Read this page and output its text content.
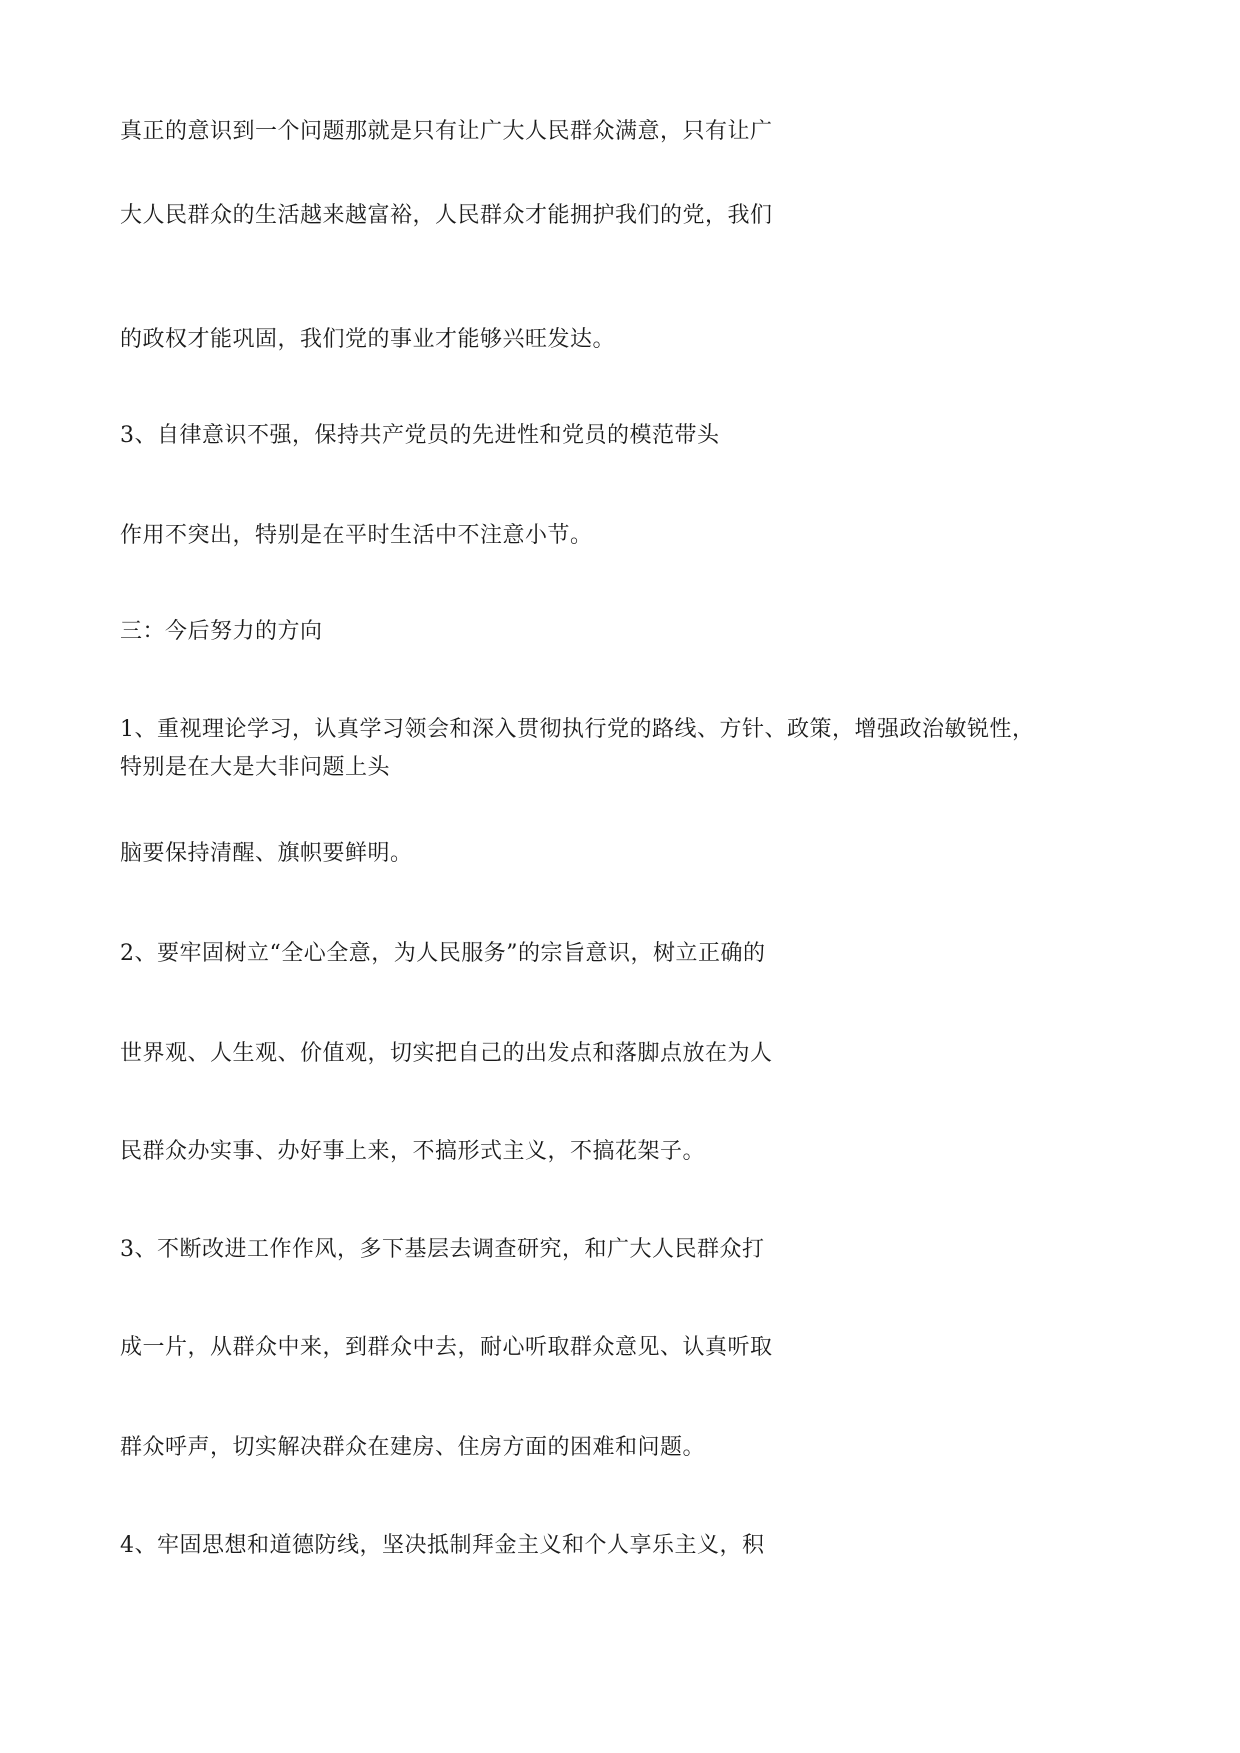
真正的意识到一个问题那就是只有让广大人民群众满意，只有让广
大人民群众的生活越来越富裕，人民群众才能拥护我们的党，我们
的政权才能巩固，我们党的事业才能够兴旺发达。
3、自律意识不强，保持共产党员的先进性和党员的模范带头
作用不突出，特别是在平时生活中不注意小节。
三：今后努力的方向
1、重视理论学习，认真学习领会和深入贯彻执行党的路线、方针、政策，增强政治敏锐性，
特别是在大是大非问题上头
脑要保持清醒、旗帜要鲜明。
2、要牢固树立“全心全意，为人民服务”的宗旨意识，树立正确的
世界观、人生观、价值观，切实把自己的出发点和落脚点放在为人
民群众办实事、办好事上来，不搞形式主义，不搞花架子。
3、不断改进工作作风，多下基层去调查研究，和广大人民群众打
成一片，从群众中来，到群众中去，耐心听取群众意见、认真听取
群众呼声，切实解决群众在建房、住房方面的困难和问题。
4、牢固思想和道德防线，坚决抵制拜金主义和个人享乐主义，积
